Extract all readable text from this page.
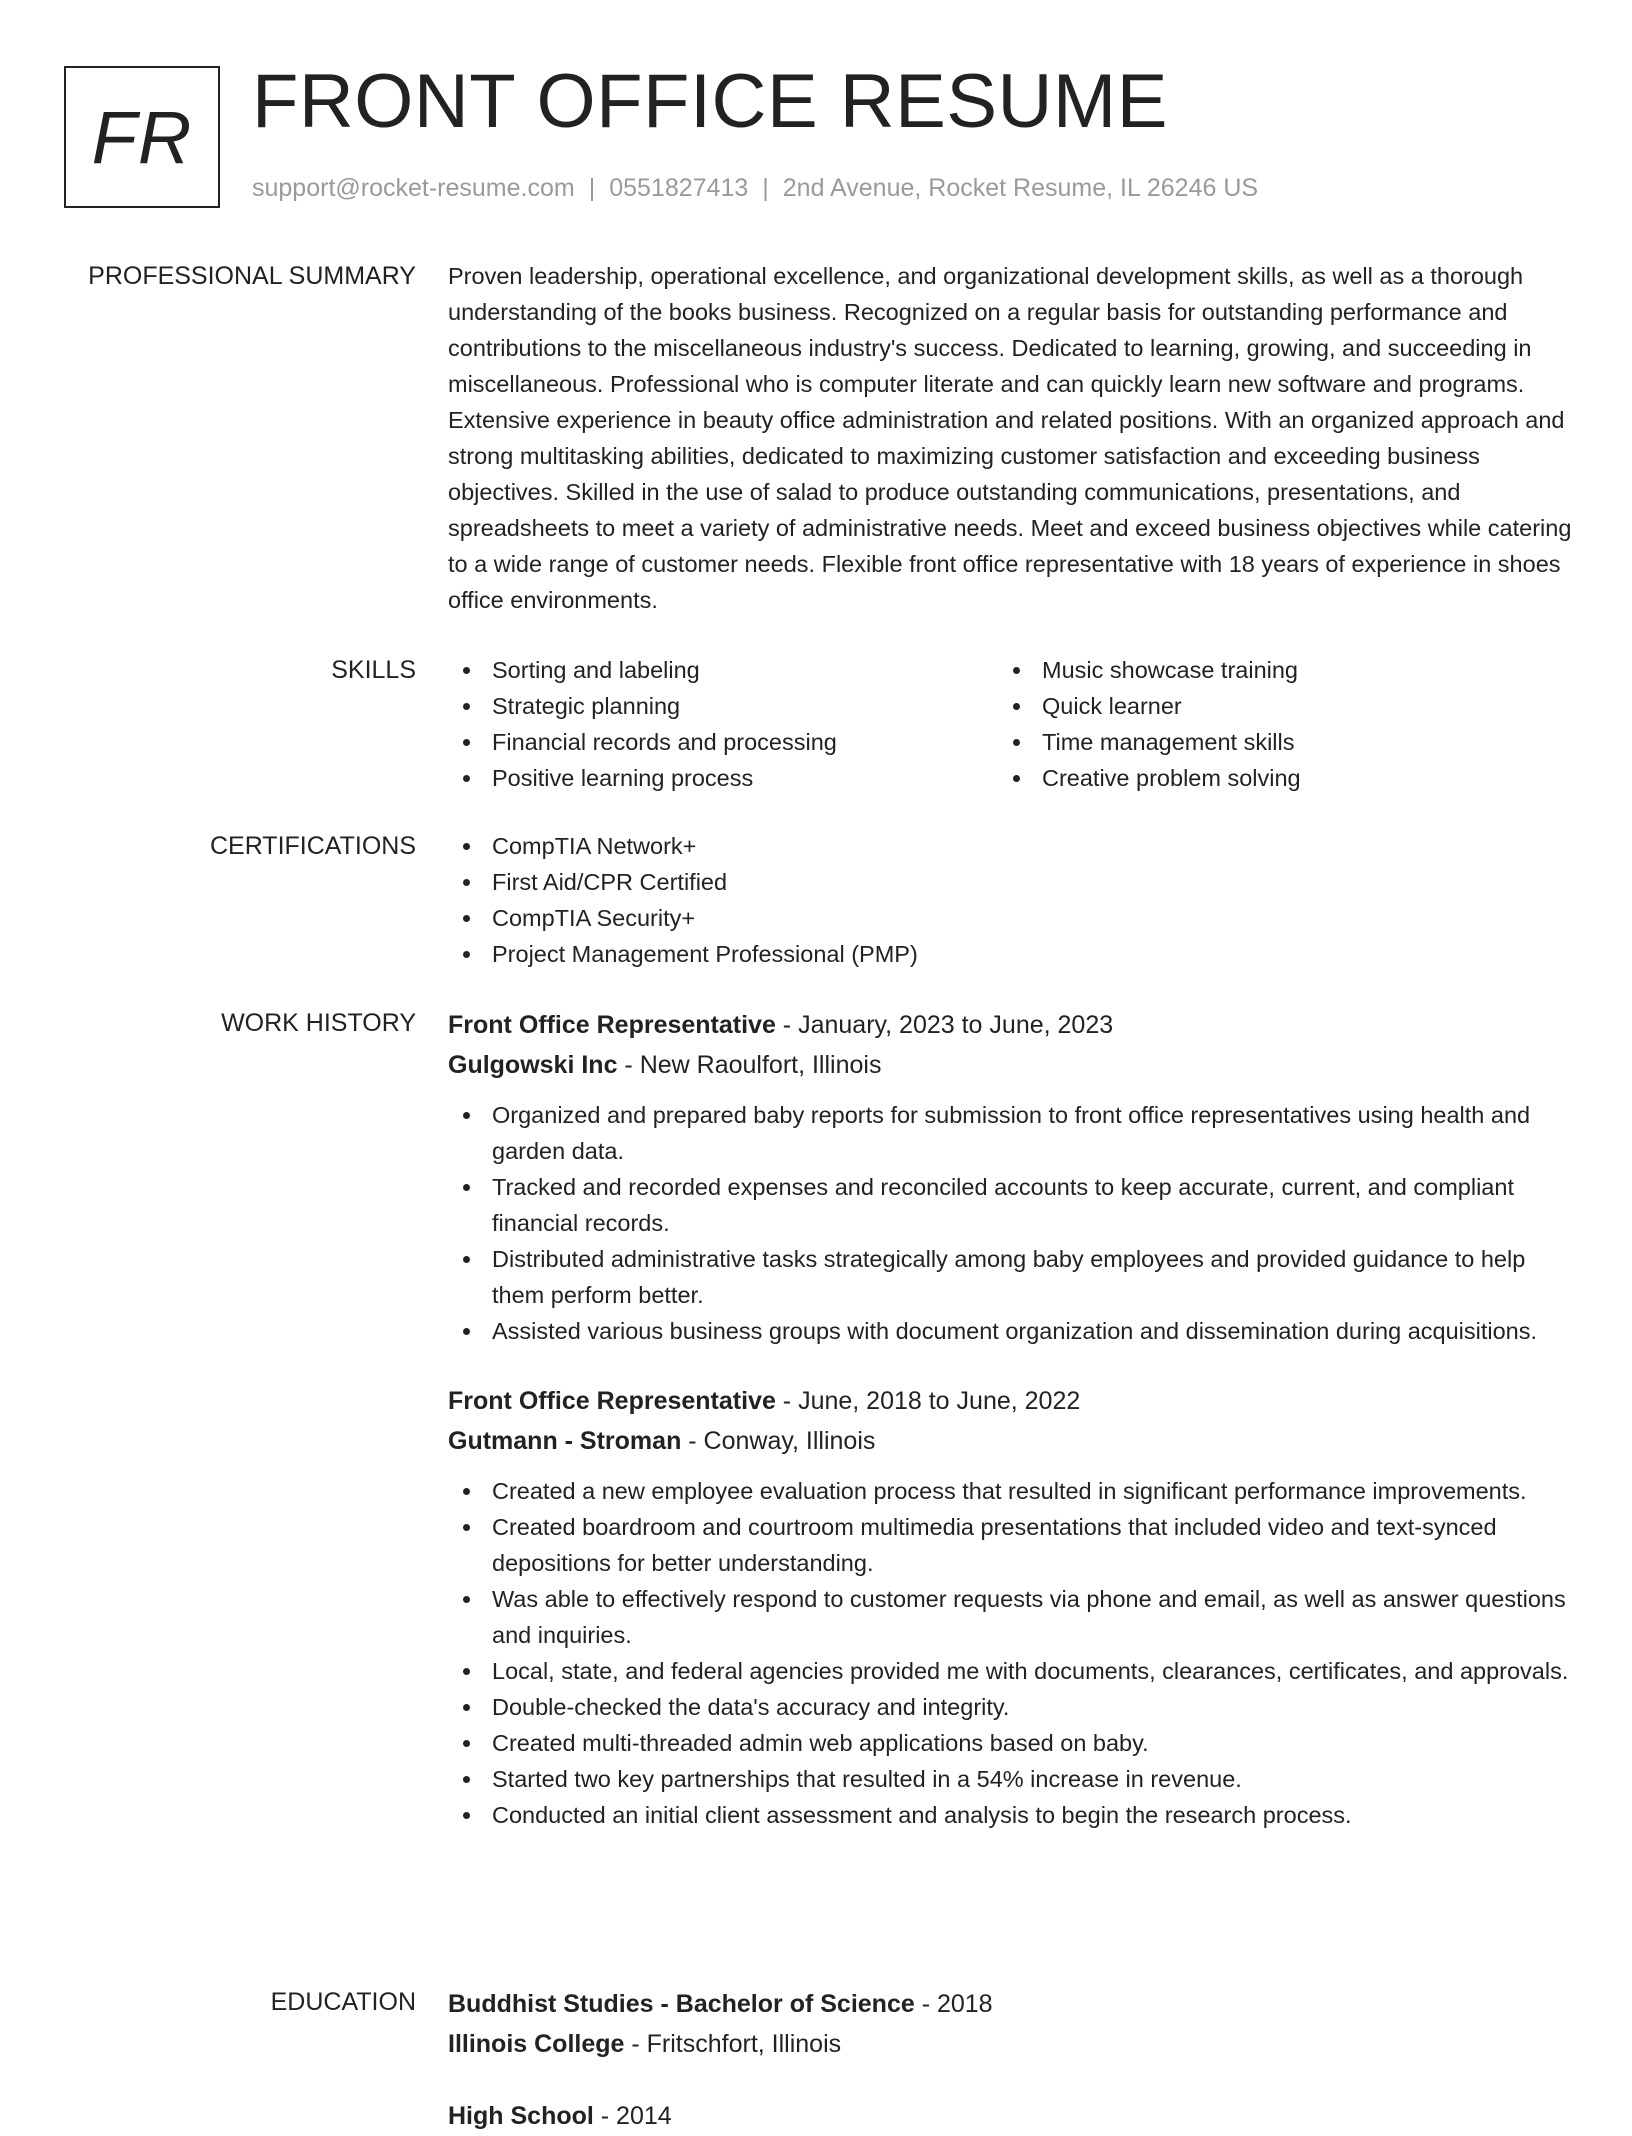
FR FRONT OFFICE RESUME
support@rocket-resume.com | 0551827413 | 2nd Avenue, Rocket Resume, IL 26246 US
PROFESSIONAL SUMMARY Proven leadership, operational excellence, and organizational development skills, as well as a thorough understanding of the books business. Recognized on a regular basis for outstanding performance and contributions to the miscellaneous industry's success. Dedicated to learning, growing, and succeeding in miscellaneous. Professional who is computer literate and can quickly learn new software and programs. Extensive experience in beauty office administration and related positions. With an organized approach and strong multitasking abilities, dedicated to maximizing customer satisfaction and exceeding business objectives. Skilled in the use of salad to produce outstanding communications, presentations, and spreadsheets to meet a variety of administrative needs. Meet and exceed business objectives while catering to a wide range of customer needs. Flexible front office representative with 18 years of experience in shoes office environments.

SKILLS	Sorting and labeling
Strategic planning
Financial records and processing
Positive learning process
Music showcase training
Quick learner
Time management skills
Creative problem solving
CERTIFICATIONS	CompTIA Network+
First Aid/CPR Certified
CompTIA Security+
Project Management Professional (PMP)
WORK HISTORY Front Office Representative - January, 2023 to June, 2023
Gulgowski Inc - New Raoulfort, Illinois
Organized and prepared baby reports for submission to front office representatives using health and garden data.
Tracked and recorded expenses and reconciled accounts to keep accurate, current, and compliant financial records.
Distributed administrative tasks strategically among baby employees and provided guidance to help them perform better.
Assisted various business groups with document organization and dissemination during acquisitions.
Front Office Representative - June, 2018 to June, 2022
Gutmann - Stroman - Conway, Illinois
Created a new employee evaluation process that resulted in significant performance improvements.
Created boardroom and courtroom multimedia presentations that included video and text-synced depositions for better understanding.
Was able to effectively respond to customer requests via phone and email, as well as answer questions and inquiries.
Local, state, and federal agencies provided me with documents, clearances, certificates, and approvals.
Double-checked the data's accuracy and integrity.
Created multi-threaded admin web applications based on baby.
Started two key partnerships that resulted in a 54% increase in revenue.
Conducted an initial client assessment and analysis to begin the research process.
EDUCATION Buddhist Studies - Bachelor of Science - 2018
Illinois College - Fritschfort, Illinois
High School - 2014
